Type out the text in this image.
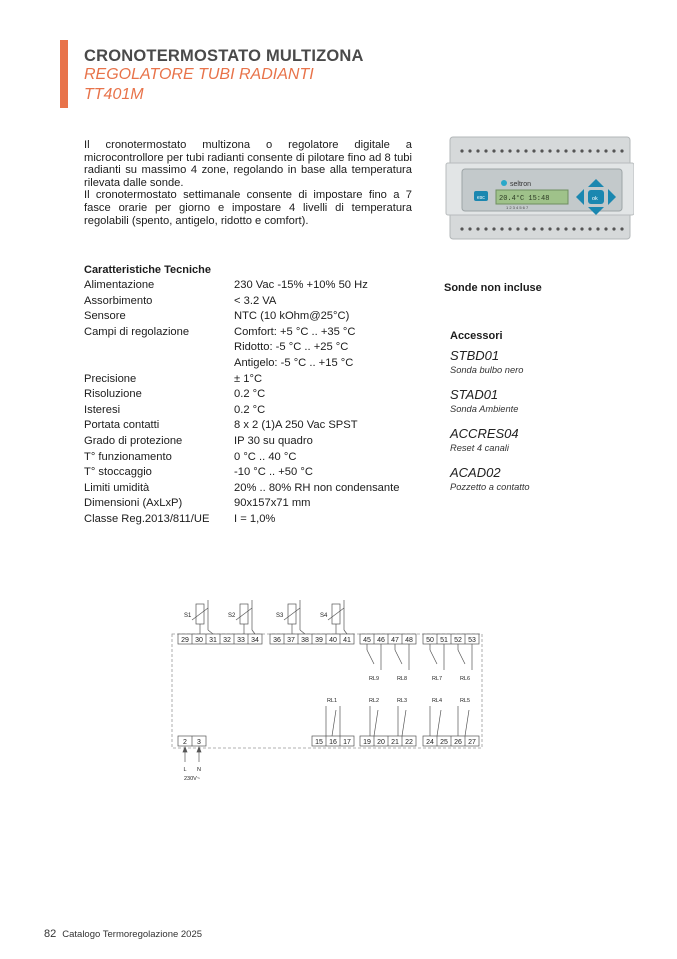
CRONOTERMOSTATO MULTIZONA
REGOLATORE TUBI RADIANTI
TT401M

Il cronotermostato multizona o regolatore digitale a microcontrollore per tubi radianti consente di pilotare fino ad 8 tubi radianti su massimo 4 zone, regolando in base alla temperatura rilevata dalle sonde.

Il cronotermostato settimanale consente di impostare fino a 7 fasce orarie per giorno e impostare 4 livelli di temperatura regolabili (spento, antigelo, ridotto e comfort).

seltron
esc 20.4°C 15:48
1 2 3 4 5 6 7
ok
Caratteristiche Tecniche
Alimentazione	230 Vac -15% +10% 50 Hz
Assorbimento	< 3.2 VA
Sensore	NTC (10 kOhm@25°C)
Campi di regolazione	Comfort: +5 °C .. +35 °C
Ridotto: -5 °C .. +25 °C
Antigelo: -5 °C .. +15 °C
Precisione	± 1°C
Risoluzione	0.2 °C
Isteresi	0.2 °C
Portata contatti	8 x 2 (1)A 250 Vac SPST
Grado di protezione	IP 30 su quadro
T° funzionamento	0 °C .. 40 °C
T° stoccaggio	-10 °C .. +50 °C
Limiti umidità	20% .. 80% RH non condensante
Dimensioni (AxLxP)	90x157x71 mm
Classe Reg.2013/811/UE I = 1,0%
Sonde non incluse
Accessori
STBD01
Sonda bulbo nero
STAD01
Sonda Ambiente
ACCRES04
Reset 4 canali
ACAD02
Pozzetto a contatto
29 30 31 32 33 34 36 37 38 39 40 41 45 46 47 48 50 51 52 53
S1	S2	S3	S4
RL9	RL8	RL7	RL6
RL1	RL2	RL3	RL4	RL5
2 3	15 16 17 19 20 21 22 24 25 26 27
L N
230V~
82 Catalogo Termoregolazione 2025
